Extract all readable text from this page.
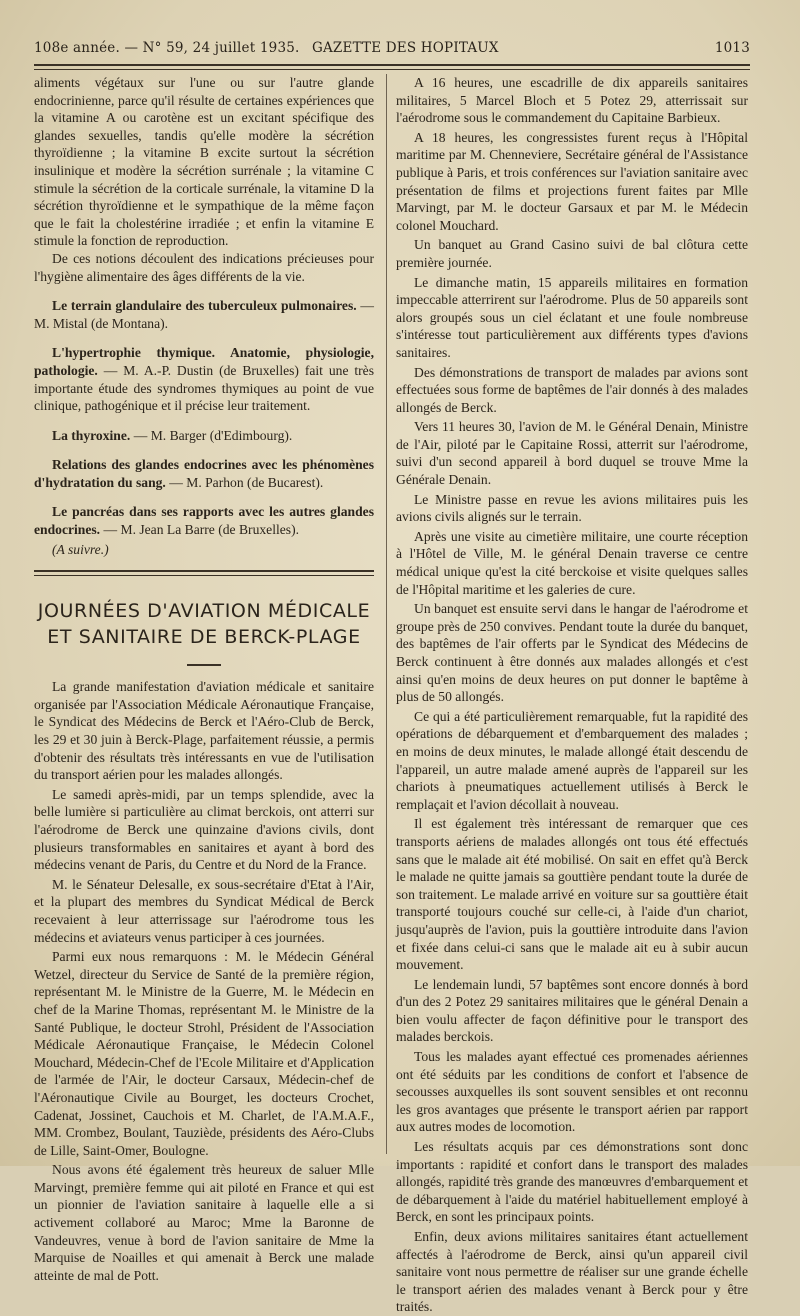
108e année. — N° 59, 24 juillet 1935. GAZETTE DES HOPITAUX	1013

aliments végétaux sur l'une ou sur l'autre glande endocrinienne, parce qu'il résulte de certaines expériences que la vitamine A ou carotène est un excitant spécifique des glandes sexuelles, tandis qu'elle modère la sécrétion thyroïdienne ; la vitamine B excite surtout la sécrétion insulinique et modère la sécrétion surrénale ; la vitamine C stimule la sécrétion de la corticale surrénale, la vitamine D la sécrétion thyroïdienne et le sympathique de la même façon que le fait la cholestérine irradiée ; et enfin la vitamine E stimule la fonction de reproduction.

De ces notions découlent des indications précieuses pour l'hygiène alimentaire des âges différents de la vie.

Le terrain glandulaire des tuberculeux pulmonaires. — M. Mistal (de Montana).
L'hypertrophie thymique. Anatomie, physiologie, pathologie. — M. A.-P. Dustin (de Bruxelles) fait une très importante étude des syndromes thymiques au point de vue clinique, pathogénique et il précise leur traitement.
La thyroxine. — M. Barger (d'Edimbourg).
Relations des glandes endocrines avec les phénomènes d'hydratation du sang. — M. Parhon (de Bucarest).
Le pancréas dans ses rapports avec les autres glandes endocrines. — M. Jean La Barre (de Bruxelles).

(A suivre.)

JOURNÉES D'AVIATION MÉDICALE ET SANITAIRE DE BERCK-PLAGE

La grande manifestation d'aviation médicale et sanitaire organisée par l'Association Médicale Aéronautique Française, le Syndicat des Médecins de Berck et l'Aéro-Club de Berck, les 29 et 30 juin à Berck-Plage, parfaitement réussie, a permis d'obtenir des résultats très intéressants en vue de l'utilisation du transport aérien pour les malades allongés.

Le samedi après-midi, par un temps splendide, avec la belle lumière si particulière au climat berckois, ont atterri sur l'aérodrome de Berck une quinzaine d'avions civils, dont plusieurs transformables en sanitaires et ayant à bord des médecins venant de Paris, du Centre et du Nord de la France.

M. le Sénateur Delesalle, ex sous-secrétaire d'Etat à l'Air, et la plupart des membres du Syndicat Médical de Berck recevaient à leur atterrissage sur l'aérodrome tous les médecins et aviateurs venus participer à ces journées.

Parmi eux nous remarquons : M. le Médecin Général Wetzel, directeur du Service de Santé de la première région, représentant M. le Ministre de la Guerre, M. le Médecin en chef de la Marine Thomas, représentant M. le Ministre de la Santé Publique, le docteur Strohl, Président de l'Association Médicale Aéronautique Française, le Médecin Colonel Mouchard, Médecin-Chef de l'Ecole Militaire et d'Application de l'armée de l'Air, le docteur Carsaux, Médecin-chef de l'Aéronautique Civile au Bourget, les docteurs Crochet, Cadenat, Jossinet, Cauchois et M. Charlet, de l'A.M.A.F., MM. Crombez, Boulant, Tauziède, présidents des Aéro-Clubs de Lille, Saint-Omer, Boulogne.

Nous avons été également très heureux de saluer Mlle Marvingt, première femme qui ait piloté en France et qui est un pionnier de l'aviation sanitaire à laquelle elle a si activement collaboré au Maroc; Mme la Baronne de Vandeuvres, venue à bord de l'avion sanitaire de Mme la Marquise de Noailles et qui amenait à Berck une malade atteinte de mal de Pott.

A 16 heures, une escadrille de dix appareils sanitaires militaires, 5 Marcel Bloch et 5 Potez 29, atterrissait sur l'aérodrome sous le commandement du Capitaine Barbieux.

A 18 heures, les congressistes furent reçus à l'Hôpital maritime par M. Chenneviere, Secrétaire général de l'Assistance publique à Paris, et trois conférences sur l'aviation sanitaire avec présentation de films et projections furent faites par Mlle Marvingt, par M. le docteur Garsaux et par M. le Médecin colonel Mouchard.

Un banquet au Grand Casino suivi de bal clôtura cette première journée.

Le dimanche matin, 15 appareils militaires en formation impeccable atterrirent sur l'aérodrome. Plus de 50 appareils sont alors groupés sous un ciel éclatant et une foule nombreuse s'intéresse tout particulièrement aux différents types d'avions sanitaires.

Des démonstrations de transport de malades par avions sont effectuées sous forme de baptêmes de l'air donnés à des malades allongés de Berck.

Vers 11 heures 30, l'avion de M. le Général Denain, Ministre de l'Air, piloté par le Capitaine Rossi, atterrit sur l'aérodrome, suivi d'un second appareil à bord duquel se trouve Mme la Générale Denain.

Le Ministre passe en revue les avions militaires puis les avions civils alignés sur le terrain.

Après une visite au cimetière militaire, une courte réception à l'Hôtel de Ville, M. le général Denain traverse ce centre médical unique qu'est la cité berckoise et visite quelques salles de l'Hôpital maritime et les galeries de cure.

Un banquet est ensuite servi dans le hangar de l'aérodrome et groupe près de 250 convives. Pendant toute la durée du banquet, des baptêmes de l'air offerts par le Syndicat des Médecins de Berck continuent à être donnés aux malades allongés et c'est ainsi qu'en moins de deux heures on put donner le baptême à plus de 50 allongés.

Ce qui a été particulièrement remarquable, fut la rapidité des opérations de débarquement et d'embarquement des malades ; en moins de deux minutes, le malade allongé était descendu de l'appareil, un autre malade amené auprès de l'appareil sur les chariots à pneumatiques actuellement utilisés à Berck le remplaçait et l'avion décollait à nouveau.

Il est également très intéressant de remarquer que ces transports aériens de malades allongés ont tous été effectués sans que le malade ait été mobilisé. On sait en effet qu'à Berck le malade ne quitte jamais sa gouttière pendant toute la durée de son traitement. Le malade arrivé en voiture sur sa gouttière était transporté toujours couché sur celle-ci, à l'aide d'un chariot, jusqu'auprès de l'avion, puis la gouttière introduite dans l'avion et fixée dans celui-ci sans que le malade ait eu à subir aucun mouvement.

Le lendemain lundi, 57 baptêmes sont encore donnés à bord d'un des 2 Potez 29 sanitaires militaires que le général Denain a bien voulu affecter de façon définitive pour le transport des malades berckois.

Tous les malades ayant effectué ces promenades aériennes ont été séduits par les conditions de confort et l'absence de secousses auxquelles ils sont souvent sensibles et ont reconnu les gros avantages que présente le transport aérien par rapport aux autres modes de locomotion.

Les résultats acquis par ces démonstrations sont donc importants : rapidité et confort dans le transport des malades allongés, rapidité très grande des manœuvres d'embarquement et de débarquement à l'aide du matériel habituellement employé à Berck, en sont les principaux points.

Enfin, deux avions militaires sanitaires étant actuellement affectés à l'aérodrome de Berck, ainsi qu'un appareil civil sanitaire vont nous permettre de réaliser sur une grande échelle le transport aérien des malades venant à Berck pour y être traités.
